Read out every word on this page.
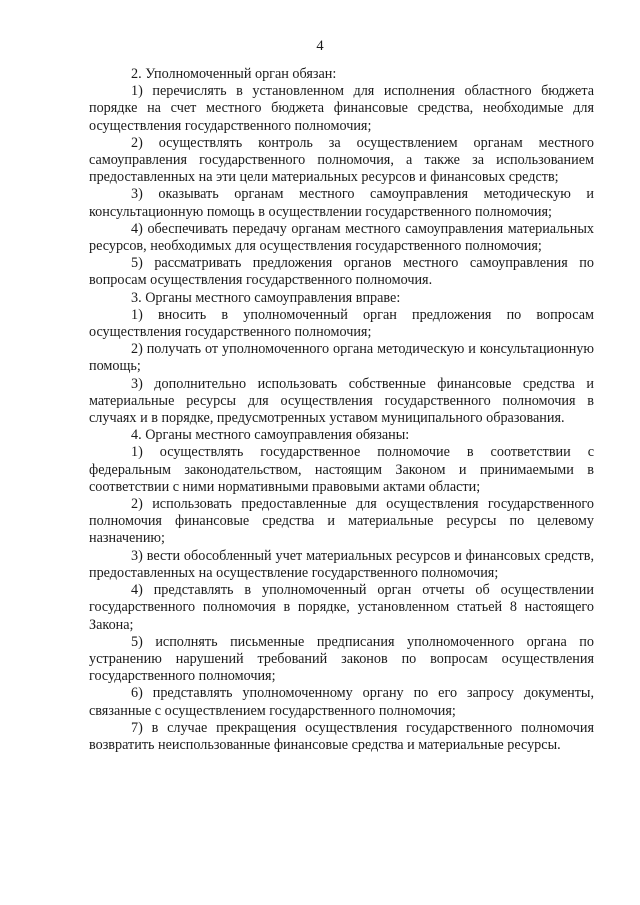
4

2. Уполномоченный орган обязан:

1) перечислять в установленном для исполнения областного бюджета порядке на счет местного бюджета финансовые средства, необходимые для осуществления государственного полномочия;

2) осуществлять контроль за осуществлением органам местного самоуправления государственного полномочия, а также за использованием предоставленных на эти цели материальных ресурсов и финансовых средств;

3) оказывать органам местного самоуправления методическую и консультационную помощь в осуществлении государственного полномочия;

4) обеспечивать передачу органам местного самоуправления материальных ресурсов, необходимых для осуществления государственного полномочия;

5) рассматривать предложения органов местного самоуправления по вопросам осуществления государственного полномочия.

3. Органы местного самоуправления вправе:

1) вносить в уполномоченный орган предложения по вопросам осуществления государственного полномочия;

2) получать от уполномоченного органа методическую и консультационную помощь;

3) дополнительно использовать собственные финансовые средства и материальные ресурсы для осуществления государственного полномочия в случаях и в порядке, предусмотренных уставом муниципального образования.

4. Органы местного самоуправления обязаны:

1) осуществлять государственное полномочие в соответствии с федеральным законодательством, настоящим Законом и принимаемыми в соответствии с ними нормативными правовыми актами области;

2) использовать предоставленные для осуществления государственного полномочия финансовые средства и материальные ресурсы по целевому назначению;

3) вести обособленный учет материальных ресурсов и финансовых средств, предоставленных на осуществление государственного полномочия;

4) представлять в уполномоченный орган отчеты об осуществлении государственного полномочия в порядке, установленном статьей 8 настоящего Закона;

5) исполнять письменные предписания уполномоченного органа по устранению нарушений требований законов по вопросам осуществления государственного полномочия;

6) представлять уполномоченному органу по его запросу документы, связанные с осуществлением государственного полномочия;

7) в случае прекращения осуществления государственного полномочия возвратить неиспользованные финансовые средства и материальные ресурсы.
